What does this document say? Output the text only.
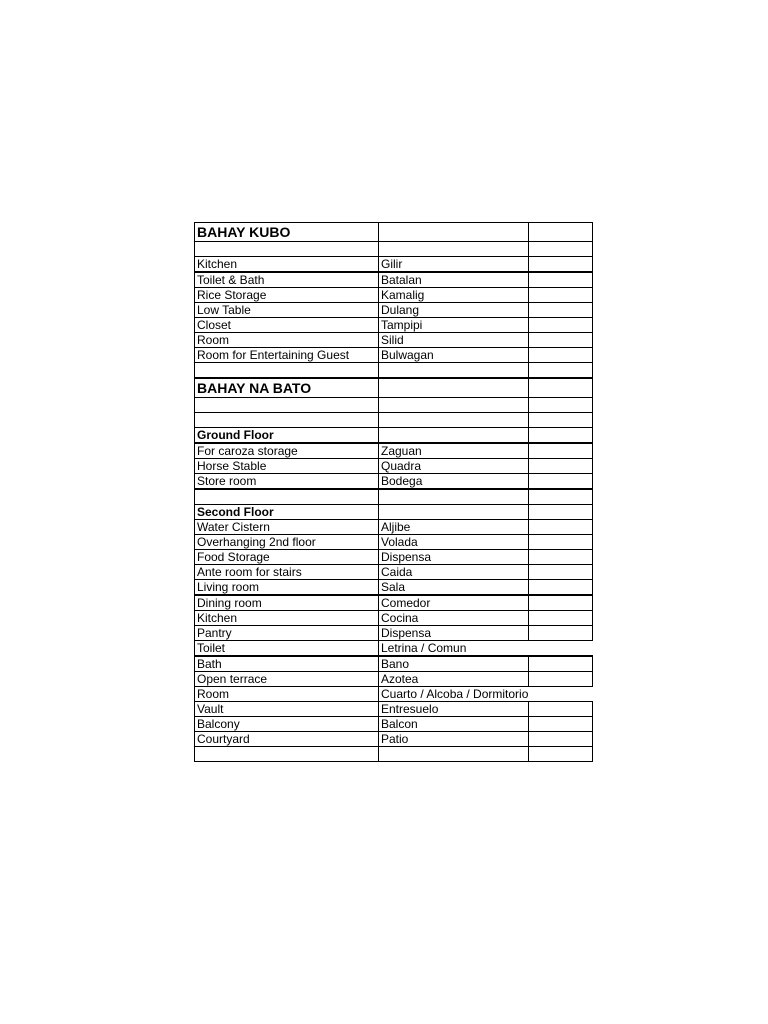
BAHAY KUBO		

Kitchen	Gilir	
Toilet & Bath	Batalan	
Rice Storage	Kamalig	
Low Table	Dulang	
Closet	Tampipi	
Room	Silid	
Room for Entertaining Guest	Bulwagan	

BAHAY NA BATO		

Ground Floor		
For caroza storage	Zaguan	
Horse Stable	Quadra	
Store room	Bodega	

Second Floor		
Water Cistern	Aljibe	
Overhanging 2nd floor	Volada	
Food Storage	Dispensa	
Ante room for stairs	Caida	
Living room	Sala	
Dining room	Comedor	
Kitchen	Cocina	
Pantry	Dispensa	
Toilet	Letrina / Comun	
Bath	Bano	
Open terrace	Azotea	
Room	Cuarto / Alcoba / Dormitorio	
Vault	Entresuelo	
Balcony	Balcon	
Courtyard	Patio	
